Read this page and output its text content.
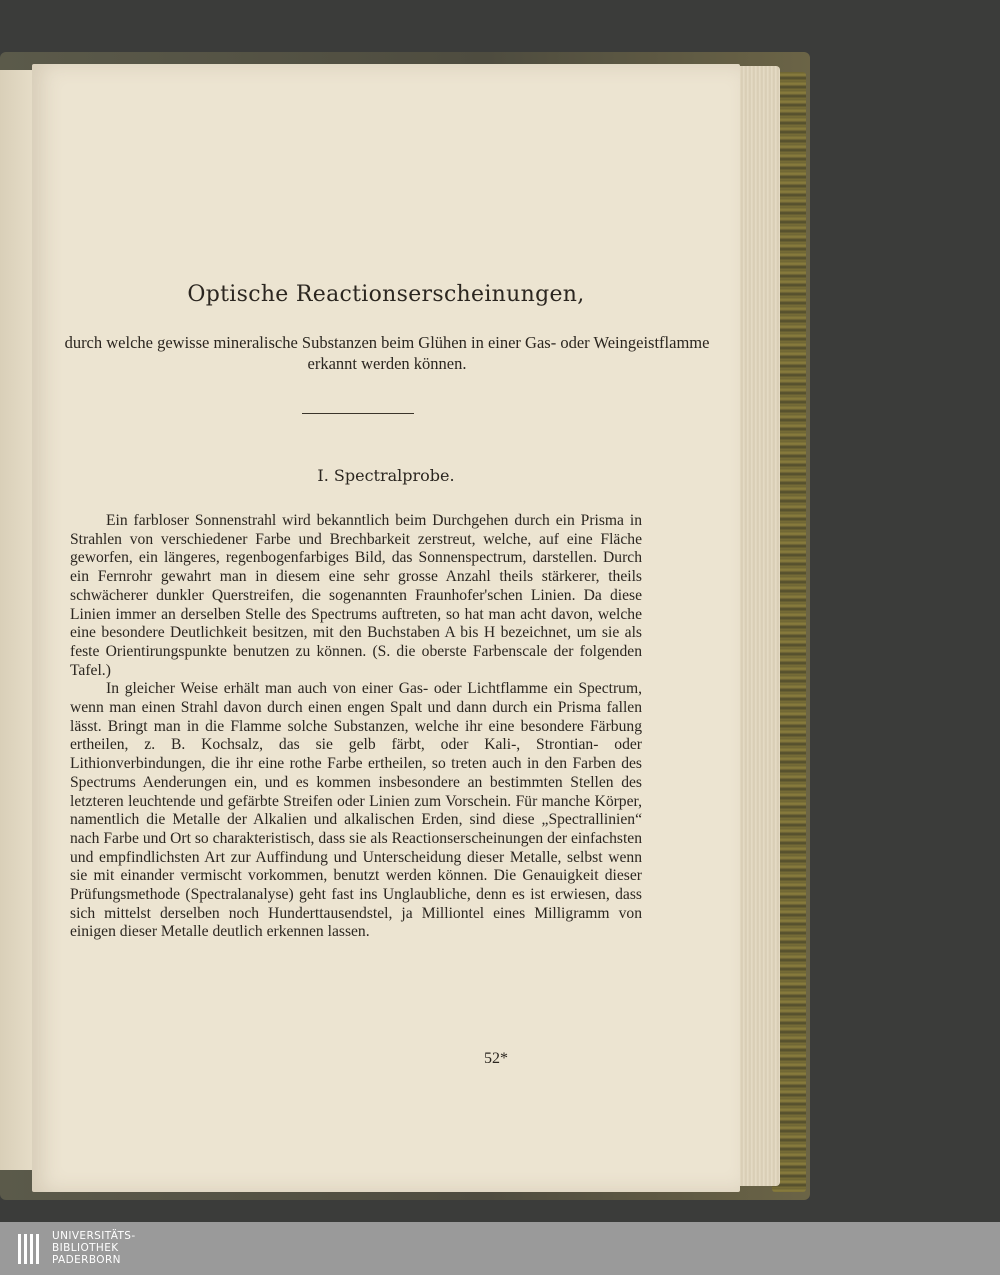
Optische Reactionserscheinungen,
durch welche gewisse mineralische Substanzen beim Glühen in einer Gas- oder Weingeistflamme erkannt werden können.
I. Spectralprobe.

Ein farbloser Sonnenstrahl wird bekanntlich beim Durchgehen durch ein Prisma in Strahlen von verschiedener Farbe und Brechbarkeit zerstreut, welche, auf eine Fläche geworfen, ein längeres, regenbogenfarbiges Bild, das Sonnenspectrum, darstellen. Durch ein Fernrohr gewahrt man in diesem eine sehr grosse Anzahl theils stärkerer, theils schwächerer dunkler Querstreifen, die sogenannten Fraunhofer'schen Linien. Da diese Linien immer an derselben Stelle des Spectrums auftreten, so hat man acht davon, welche eine besondere Deutlichkeit besitzen, mit den Buchstaben A bis H bezeichnet, um sie als feste Orientirungspunkte benutzen zu können. (S. die oberste Farbenscale der folgenden Tafel.)

In gleicher Weise erhält man auch von einer Gas- oder Lichtflamme ein Spectrum, wenn man einen Strahl davon durch einen engen Spalt und dann durch ein Prisma fallen lässt. Bringt man in die Flamme solche Substanzen, welche ihr eine besondere Färbung ertheilen, z. B. Kochsalz, das sie gelb färbt, oder Kali-, Strontian- oder Lithionverbindungen, die ihr eine rothe Farbe ertheilen, so treten auch in den Farben des Spectrums Aenderungen ein, und es kommen insbesondere an bestimmten Stellen des letzteren leuchtende und gefärbte Streifen oder Linien zum Vorschein. Für manche Körper, namentlich die Metalle der Alkalien und alkalischen Erden, sind diese „Spectrallinien“ nach Farbe und Ort so charakteristisch, dass sie als Reactionserscheinungen der einfachsten und empfindlichsten Art zur Auffindung und Unterscheidung dieser Metalle, selbst wenn sie mit einander vermischt vorkommen, benutzt werden können. Die Genauigkeit dieser Prüfungsmethode (Spectralanalyse) geht fast ins Unglaubliche, denn es ist erwiesen, dass sich mittelst derselben noch Hunderttausendstel, ja Milliontel eines Milligramm von einigen dieser Metalle deutlich erkennen lassen.

52*
UNIVERSITÄTS-
BIBLIOTHEK
PADERBORN
